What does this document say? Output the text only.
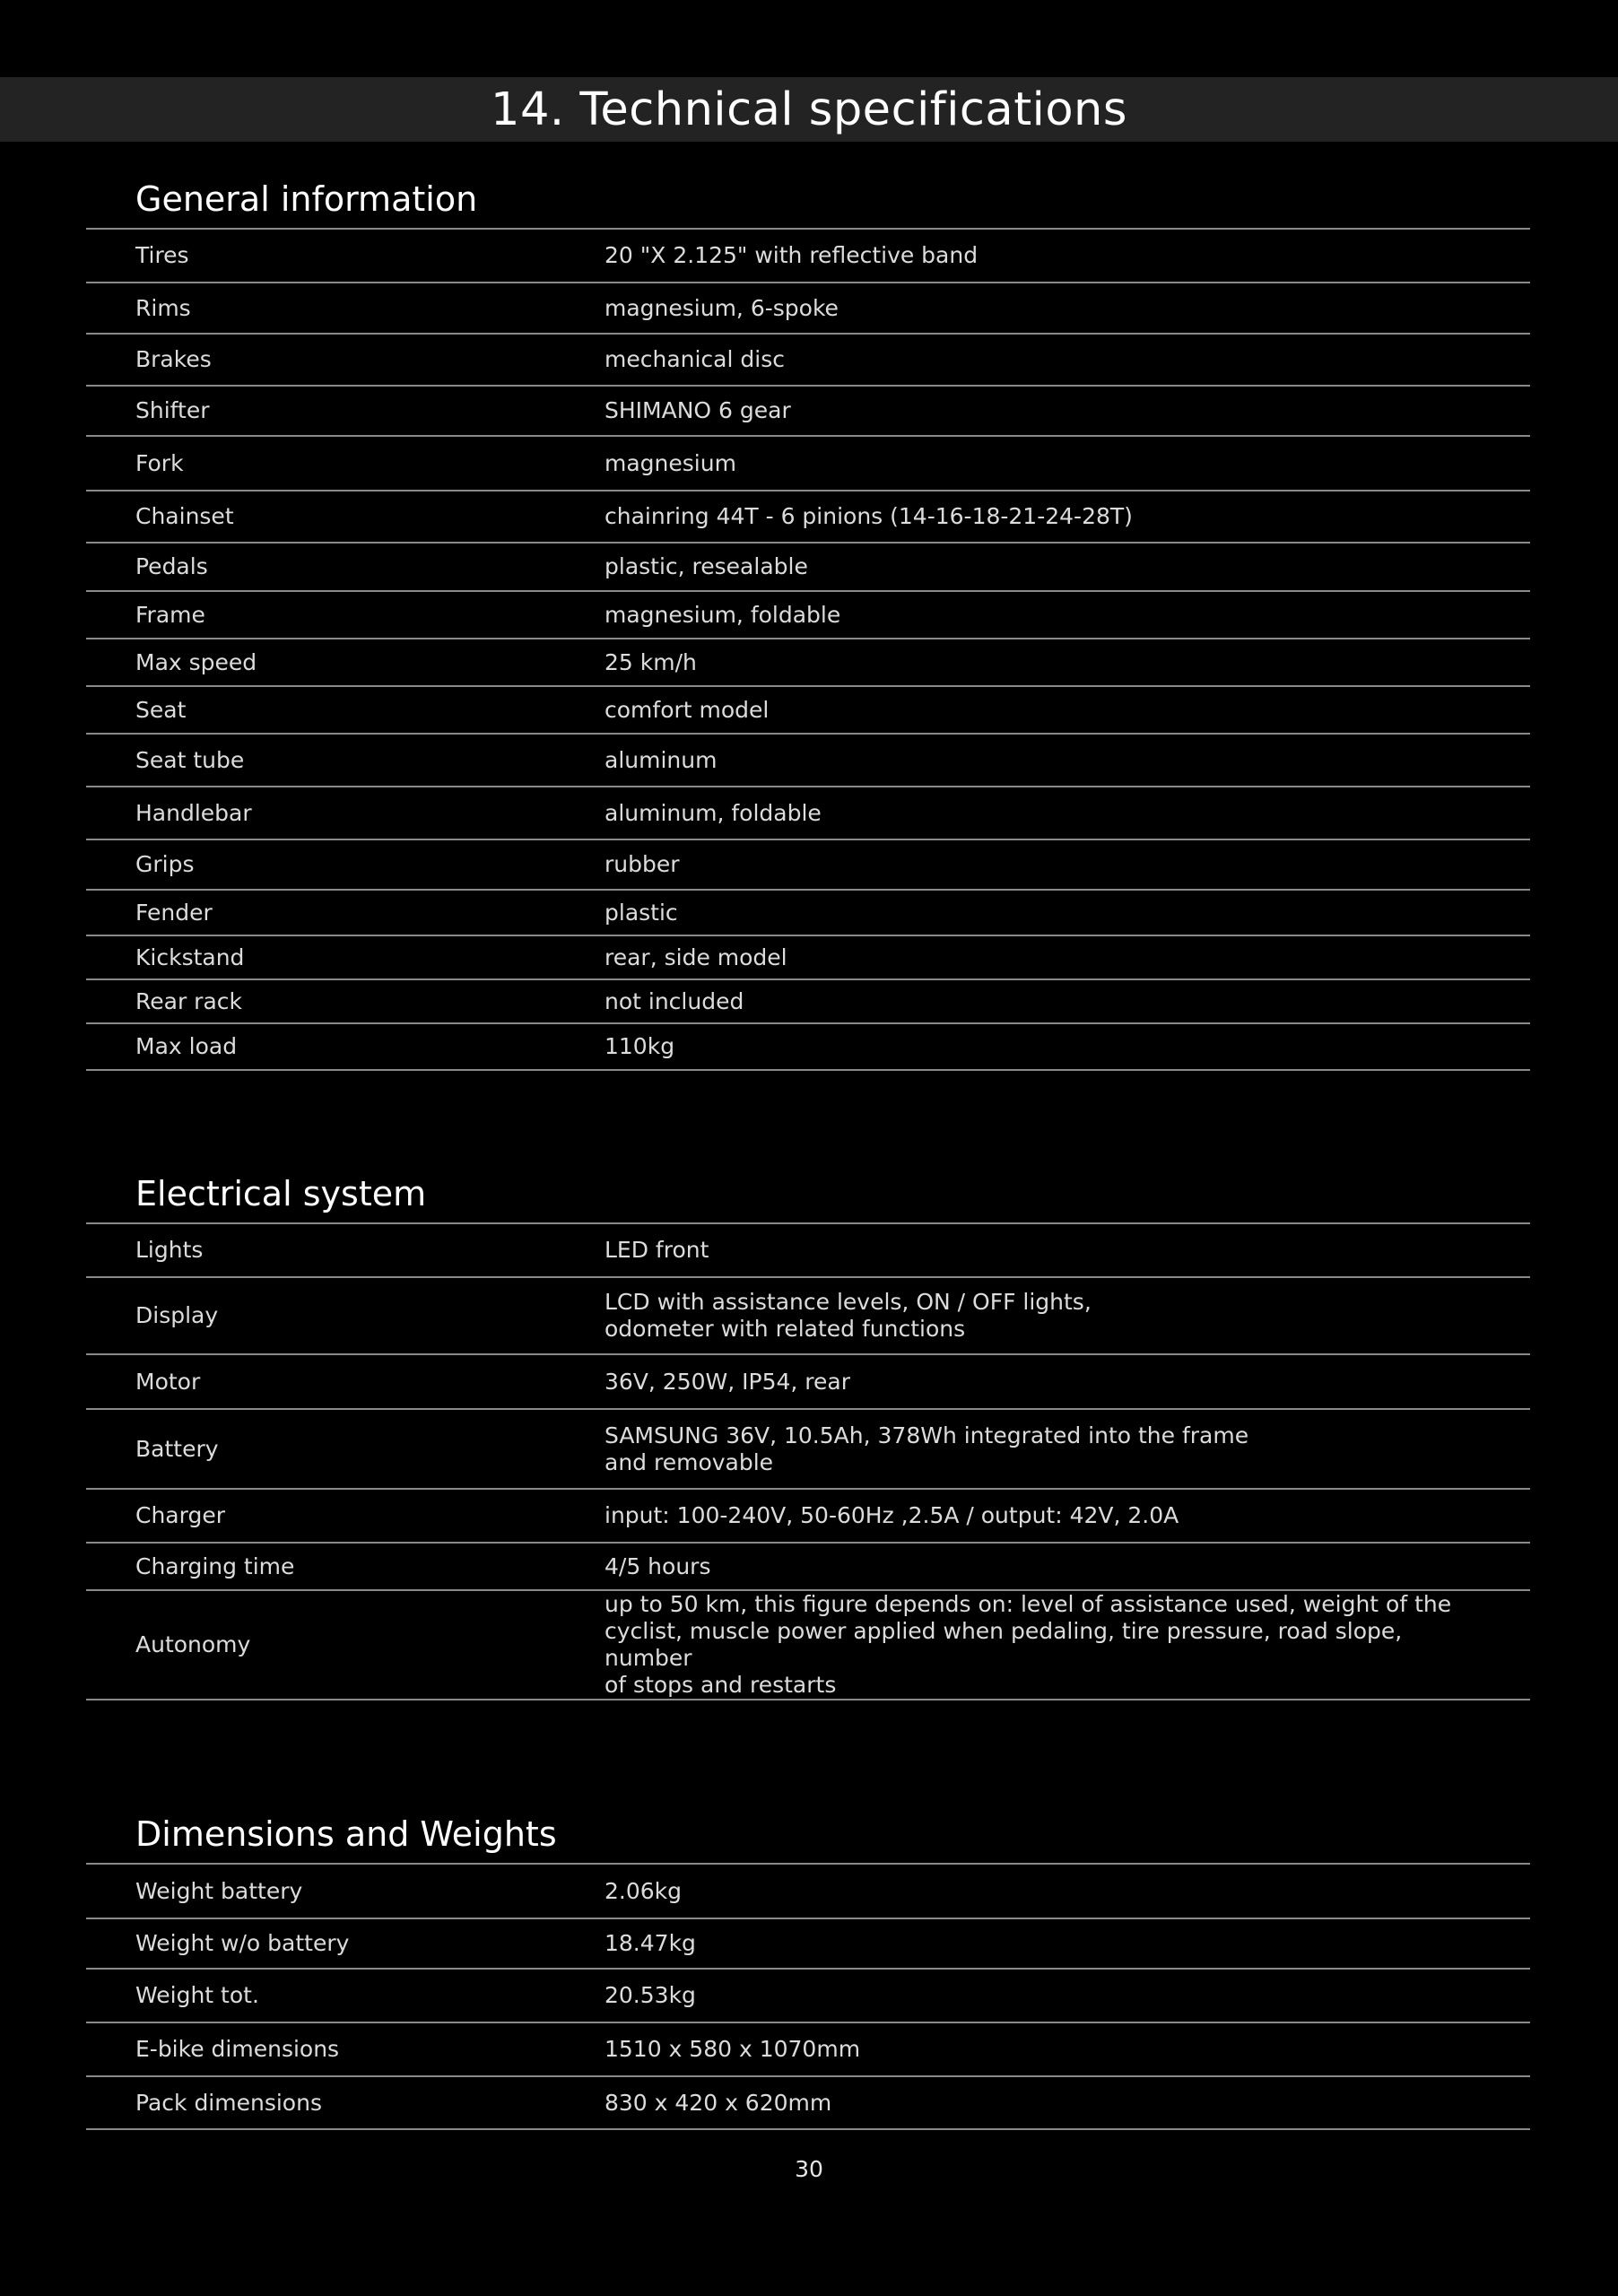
14. Technical specifications
General information
Tires	20 "X 2.125" with reflective band
Rims	magnesium, 6-spoke
Brakes	mechanical disc
Shifter	SHIMANO 6 gear
Fork	magnesium
Chainset	chainring 44T - 6 pinions (14-16-18-21-24-28T)
Pedals	plastic, resealable
Frame	magnesium, foldable
Max speed	25 km/h
Seat	comfort model
Seat tube	aluminum
Handlebar	aluminum, foldable
Grips	rubber
Fender	plastic
Kickstand	rear, side model
Rear rack	not included
Max load	110kg
Electrical system
Lights	LED front
Display	LCD with assistance levels, ON / OFF lights,
odometer with related functions
Motor	36V, 250W, IP54, rear
Battery	SAMSUNG 36V, 10.5Ah, 378Wh integrated into the frame
and removable
Charger	input: 100-240V, 50-60Hz ,2.5A / output: 42V, 2.0A
Charging time	4/5 hours
Autonomy	up to 50 km, this figure depends on: level of assistance used, weight of the
cyclist, muscle power applied when pedaling, tire pressure, road slope, number
of stops and restarts
Dimensions and Weights
Weight battery	2.06kg
Weight w/o battery	18.47kg
Weight tot.	20.53kg
E-bike dimensions	1510 x 580 x 1070mm
Pack dimensions	830 x 420 x 620mm
30
